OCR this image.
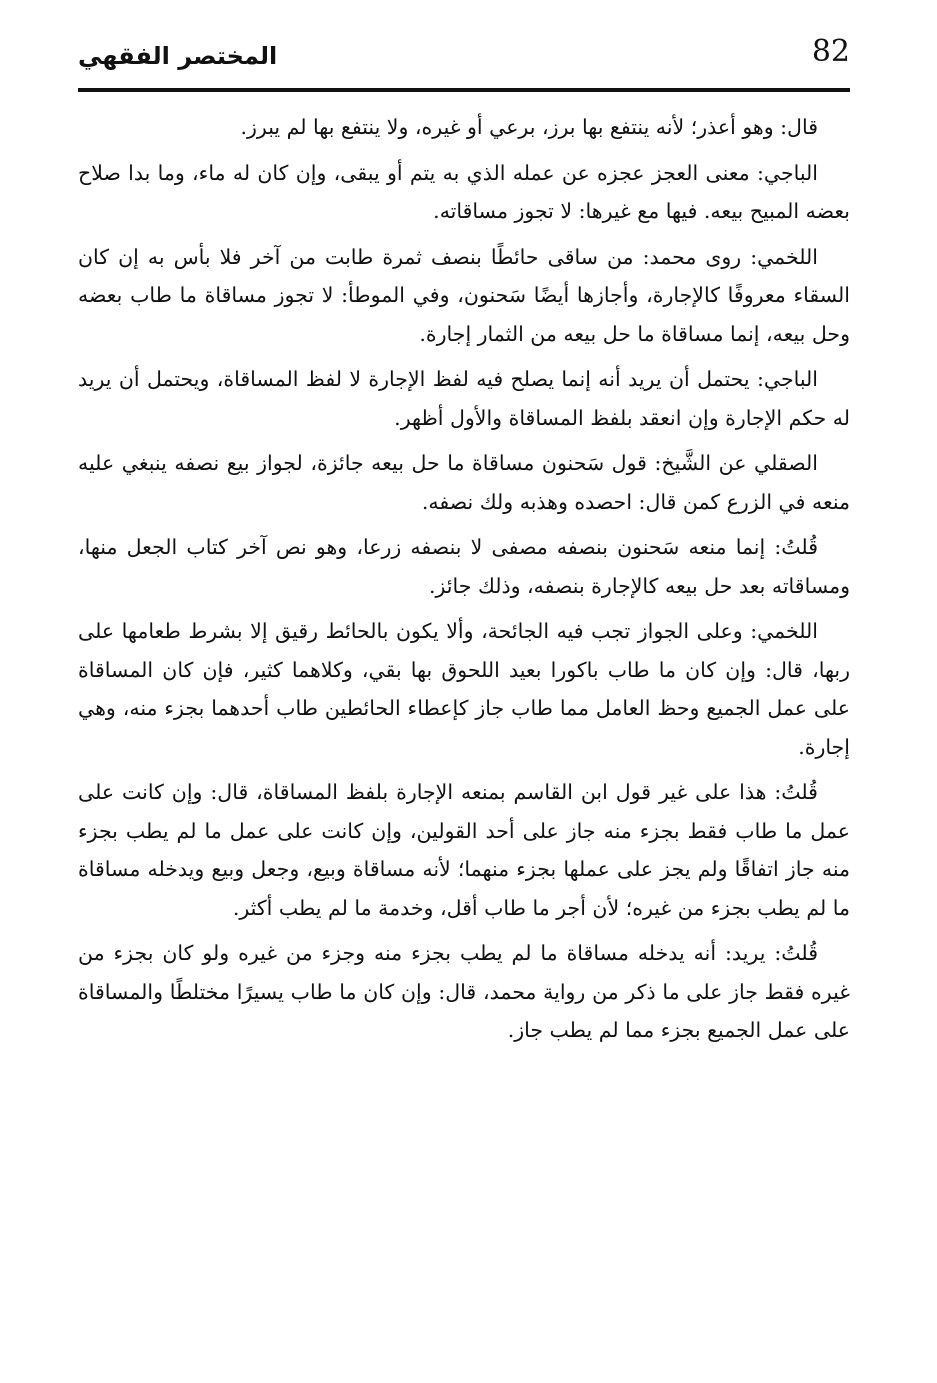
82
المختصر الفقهي

قال: وهو أعذر؛ لأنه ينتفع بها برز، برعي أو غيره، ولا ينتفع بها لم يبرز.

الباجي: معنى العجز عجزه عن عمله الذي به يتم أو يبقى، وإن كان له ماء، وما بدا صلاح بعضه المبيح بيعه. فيها مع غيرها: لا تجوز مساقاته.

اللخمي: روى محمد: من ساقى حائطًا بنصف ثمرة طابت من آخر فلا بأس به إن كان السقاء معروفًا كالإجارة، وأجازها أيضًا سَحنون، وفي الموطأ: لا تجوز مساقاة ما طاب بعضه وحل بيعه، إنما مساقاة ما حل بيعه من الثمار إجارة.

الباجي: يحتمل أن يريد أنه إنما يصلح فيه لفظ الإجارة لا لفظ المساقاة، ويحتمل أن يريد له حكم الإجارة وإن انعقد بلفظ المساقاة والأول أظهر.

الصقلي عن الشَّيخ: قول سَحنون مساقاة ما حل بيعه جائزة، لجواز بيع نصفه ينبغي عليه منعه في الزرع كمن قال: احصده وهذبه ولك نصفه.

قُلتُ: إنما منعه سَحنون بنصفه مصفى لا بنصفه زرعا، وهو نص آخر كتاب الجعل منها، ومساقاته بعد حل بيعه كالإجارة بنصفه، وذلك جائز.

اللخمي: وعلى الجواز تجب فيه الجائحة، وألا يكون بالحائط رقيق إلا بشرط طعامها على ربها، قال: وإن كان ما طاب باكورا بعيد اللحوق بها بقي، وكلاهما كثير، فإن كان المساقاة على عمل الجميع وحظ العامل مما طاب جاز كإعطاء الحائطين طاب أحدهما بجزء منه، وهي إجارة.

قُلتُ: هذا على غير قول ابن القاسم بمنعه الإجارة بلفظ المساقاة، قال: وإن كانت على عمل ما طاب فقط بجزء منه جاز على أحد القولين، وإن كانت على عمل ما لم يطب بجزء منه جاز اتفاقًا ولم يجز على عملها بجزء منهما؛ لأنه مساقاة وبيع، وجعل وبيع ويدخله مساقاة ما لم يطب بجزء من غيره؛ لأن أجر ما طاب أقل، وخدمة ما لم يطب أكثر.

قُلتُ: يريد: أنه يدخله مساقاة ما لم يطب بجزء منه وجزء من غيره ولو كان بجزء من غيره فقط جاز على ما ذكر من رواية محمد، قال: وإن كان ما طاب يسيرًا مختلطًا والمساقاة على عمل الجميع بجزء مما لم يطب جاز.
